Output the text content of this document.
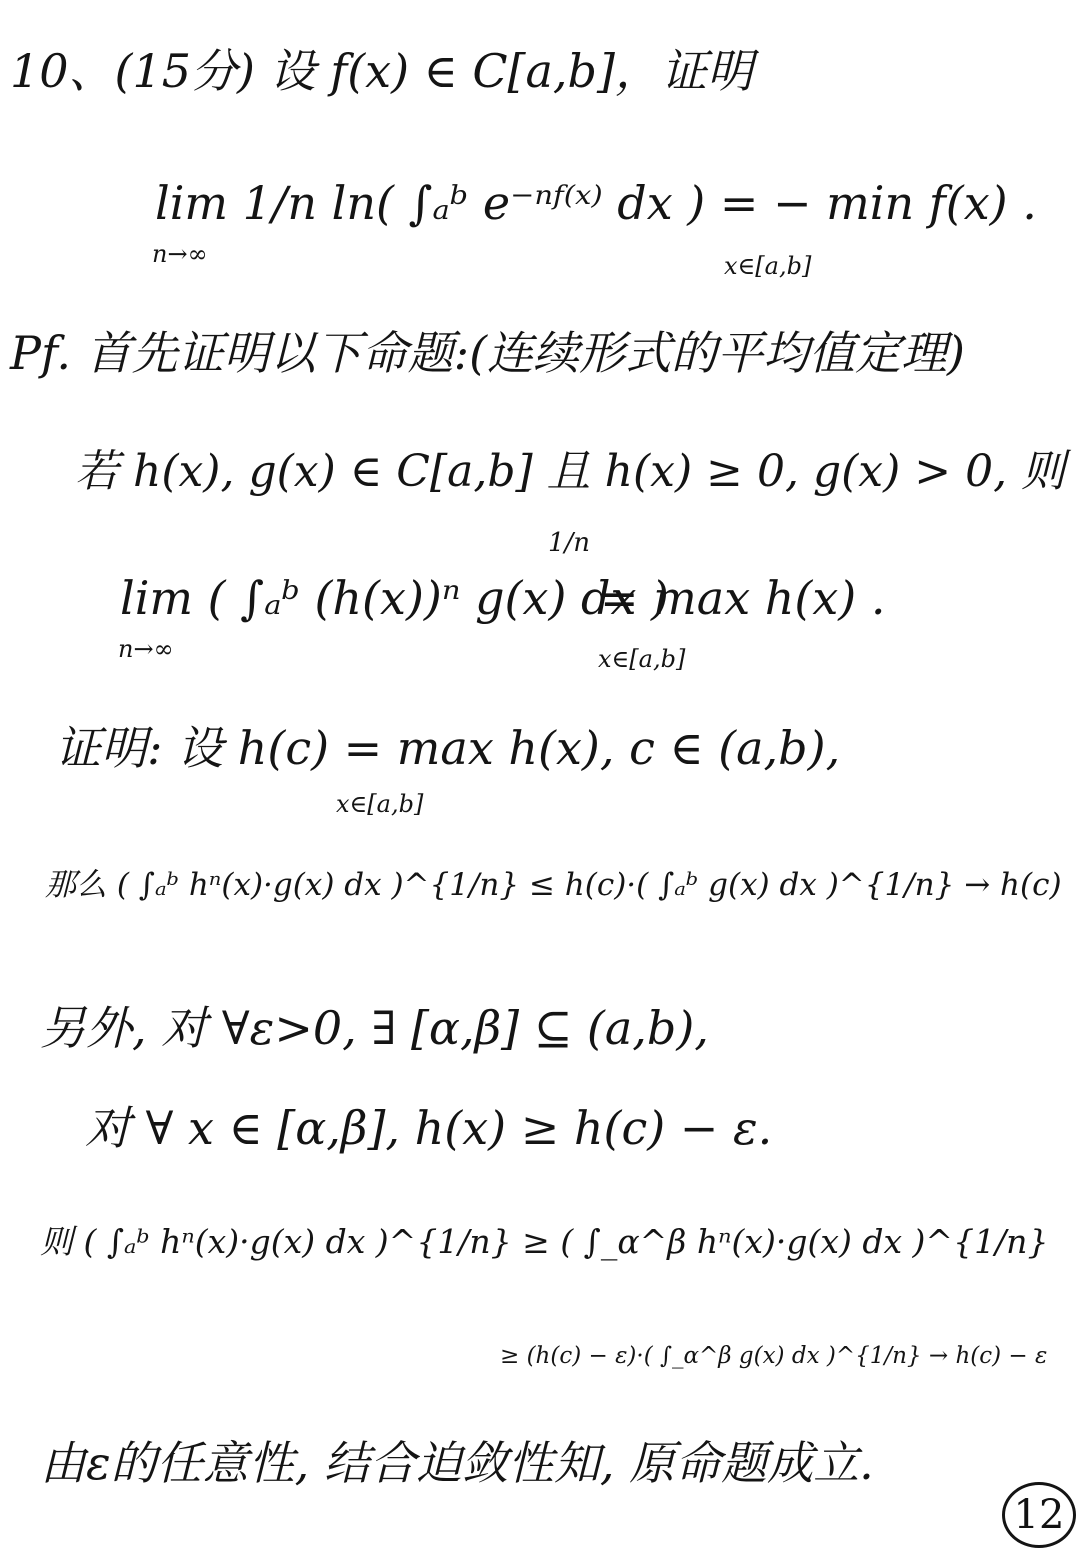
10、(15分) 设 f(x) ∈ C[a,b]，证明
lim 1/n ln( ∫ₐᵇ e⁻ⁿᶠ⁽ˣ⁾ dx ) = − min f(x) .
n→∞	x∈[a,b]
Pf. 首先证明以下命题:(连续形式的平均值定理)
若 h(x), g(x) ∈ C[a,b] 且 h(x) ≥ 0, g(x) > 0, 则
lim ( ∫ₐᵇ (h(x))ⁿ g(x) dx )
1/n
= max h(x) .
n→∞	x∈[a,b]
证明: 设 h(c) = max h(x), c ∈ (a,b),
x∈[a,b]
那么 ( ∫ₐᵇ hⁿ(x)·g(x) dx )^{1/n} ≤ h(c)·( ∫ₐᵇ g(x) dx )^{1/n} → h(c)
另外, 对 ∀ε>0, ∃ [α,β] ⊆ (a,b),
对 ∀ x ∈ [α,β], h(x) ≥ h(c) − ε.
则 ( ∫ₐᵇ hⁿ(x)·g(x) dx )^{1/n} ≥ ( ∫_α^β hⁿ(x)·g(x) dx )^{1/n}
≥ (h(c) − ε)·( ∫_α^β g(x) dx )^{1/n} → h(c) − ε
由ε的任意性, 结合迫敛性知, 原命题成立.
12
